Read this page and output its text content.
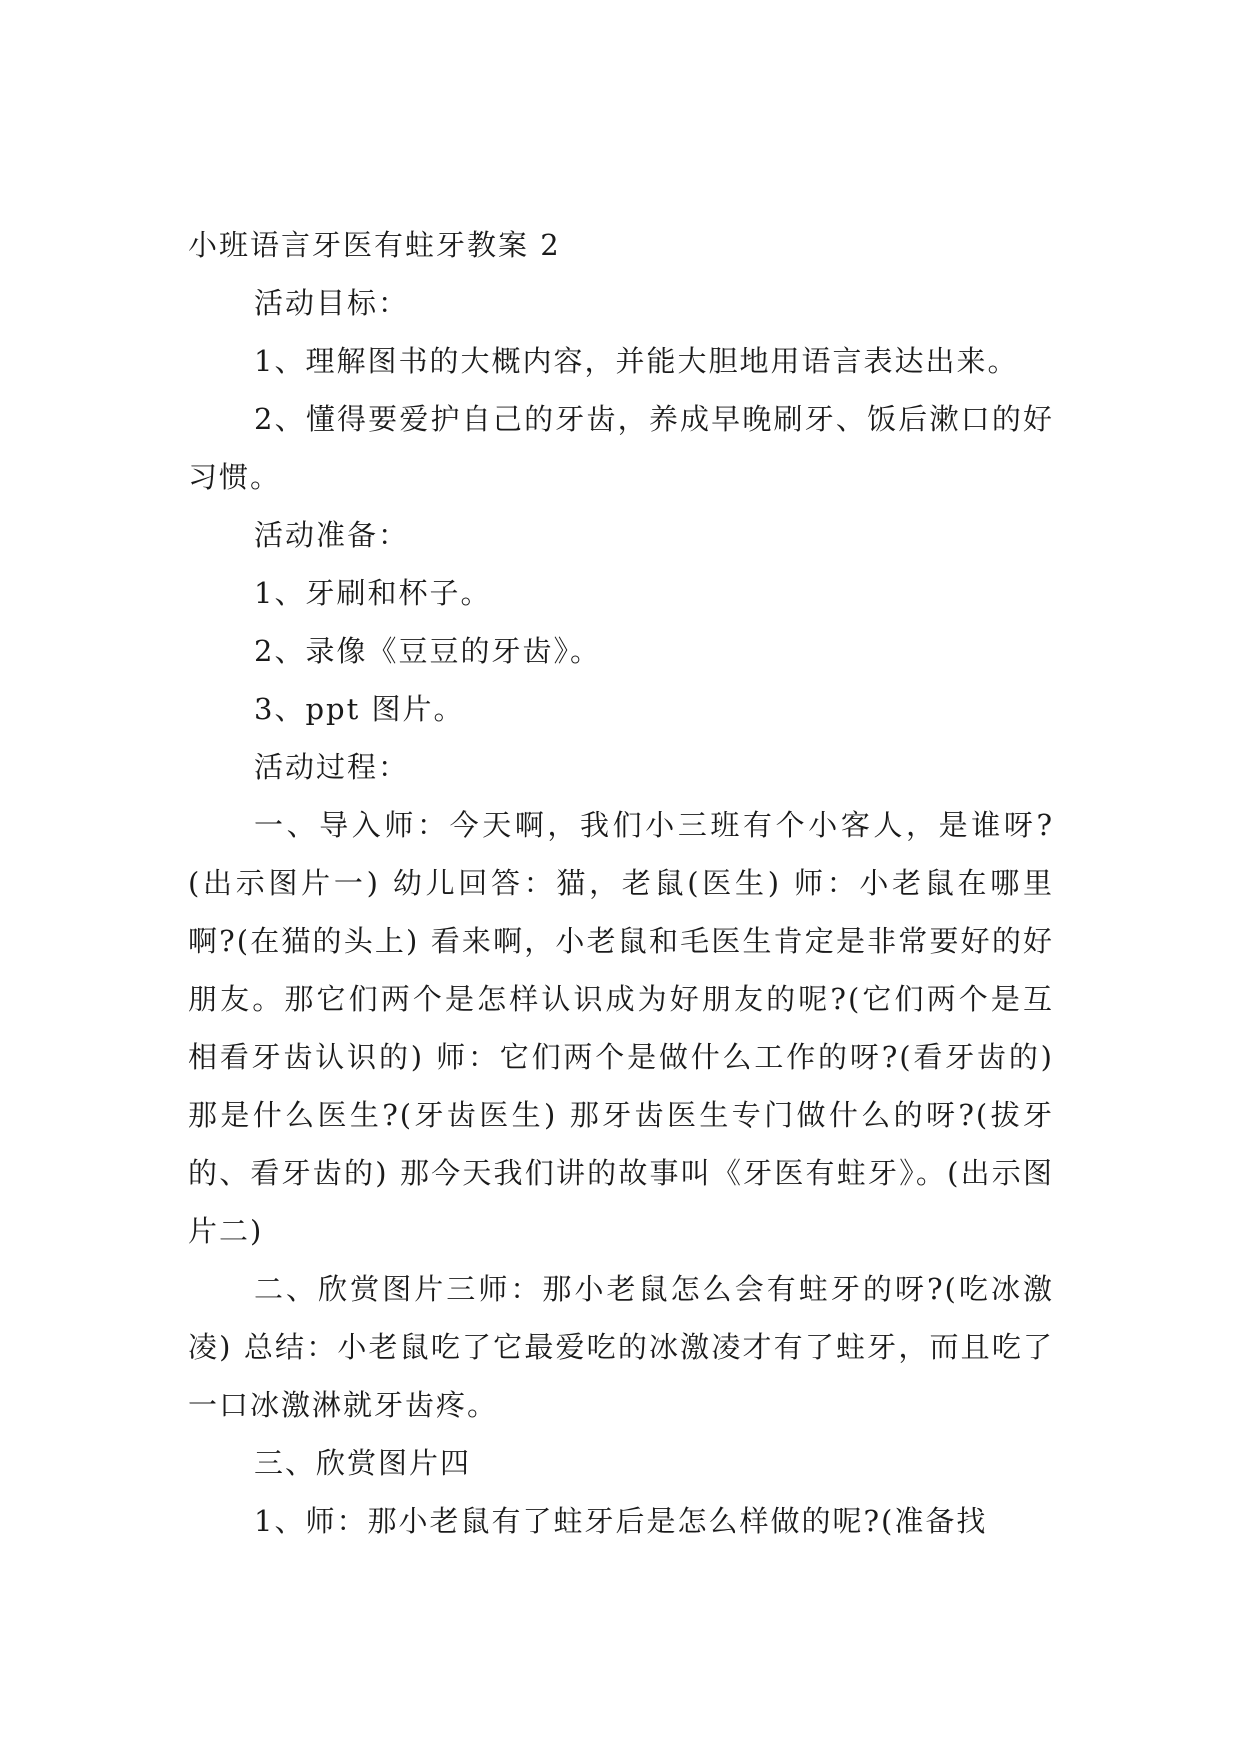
小班语言牙医有蛀牙教案 2

活动目标：

1、理解图书的大概内容，并能大胆地用语言表达出来。

2、懂得要爱护自己的牙齿，养成早晚刷牙、饭后漱口的好习惯。

活动准备：

1、牙刷和杯子。

2、录像《豆豆的牙齿》。

3、ppt 图片。

活动过程：

一、导入师：今天啊，我们小三班有个小客人，是谁呀?(出示图片一) 幼儿回答：猫，老鼠(医生) 师：小老鼠在哪里啊?(在猫的头上) 看来啊，小老鼠和毛医生肯定是非常要好的好朋友。那它们两个是怎样认识成为好朋友的呢?(它们两个是互相看牙齿认识的) 师：它们两个是做什么工作的呀?(看牙齿的) 那是什么医生?(牙齿医生) 那牙齿医生专门做什么的呀?(拔牙的、看牙齿的) 那今天我们讲的故事叫《牙医有蛀牙》。(出示图片二)

二、欣赏图片三师：那小老鼠怎么会有蛀牙的呀?(吃冰激凌) 总结：小老鼠吃了它最爱吃的冰激凌才有了蛀牙，而且吃了一口冰激淋就牙齿疼。

三、欣赏图片四

1、师：那小老鼠有了蛀牙后是怎么样做的呢?(准备找
